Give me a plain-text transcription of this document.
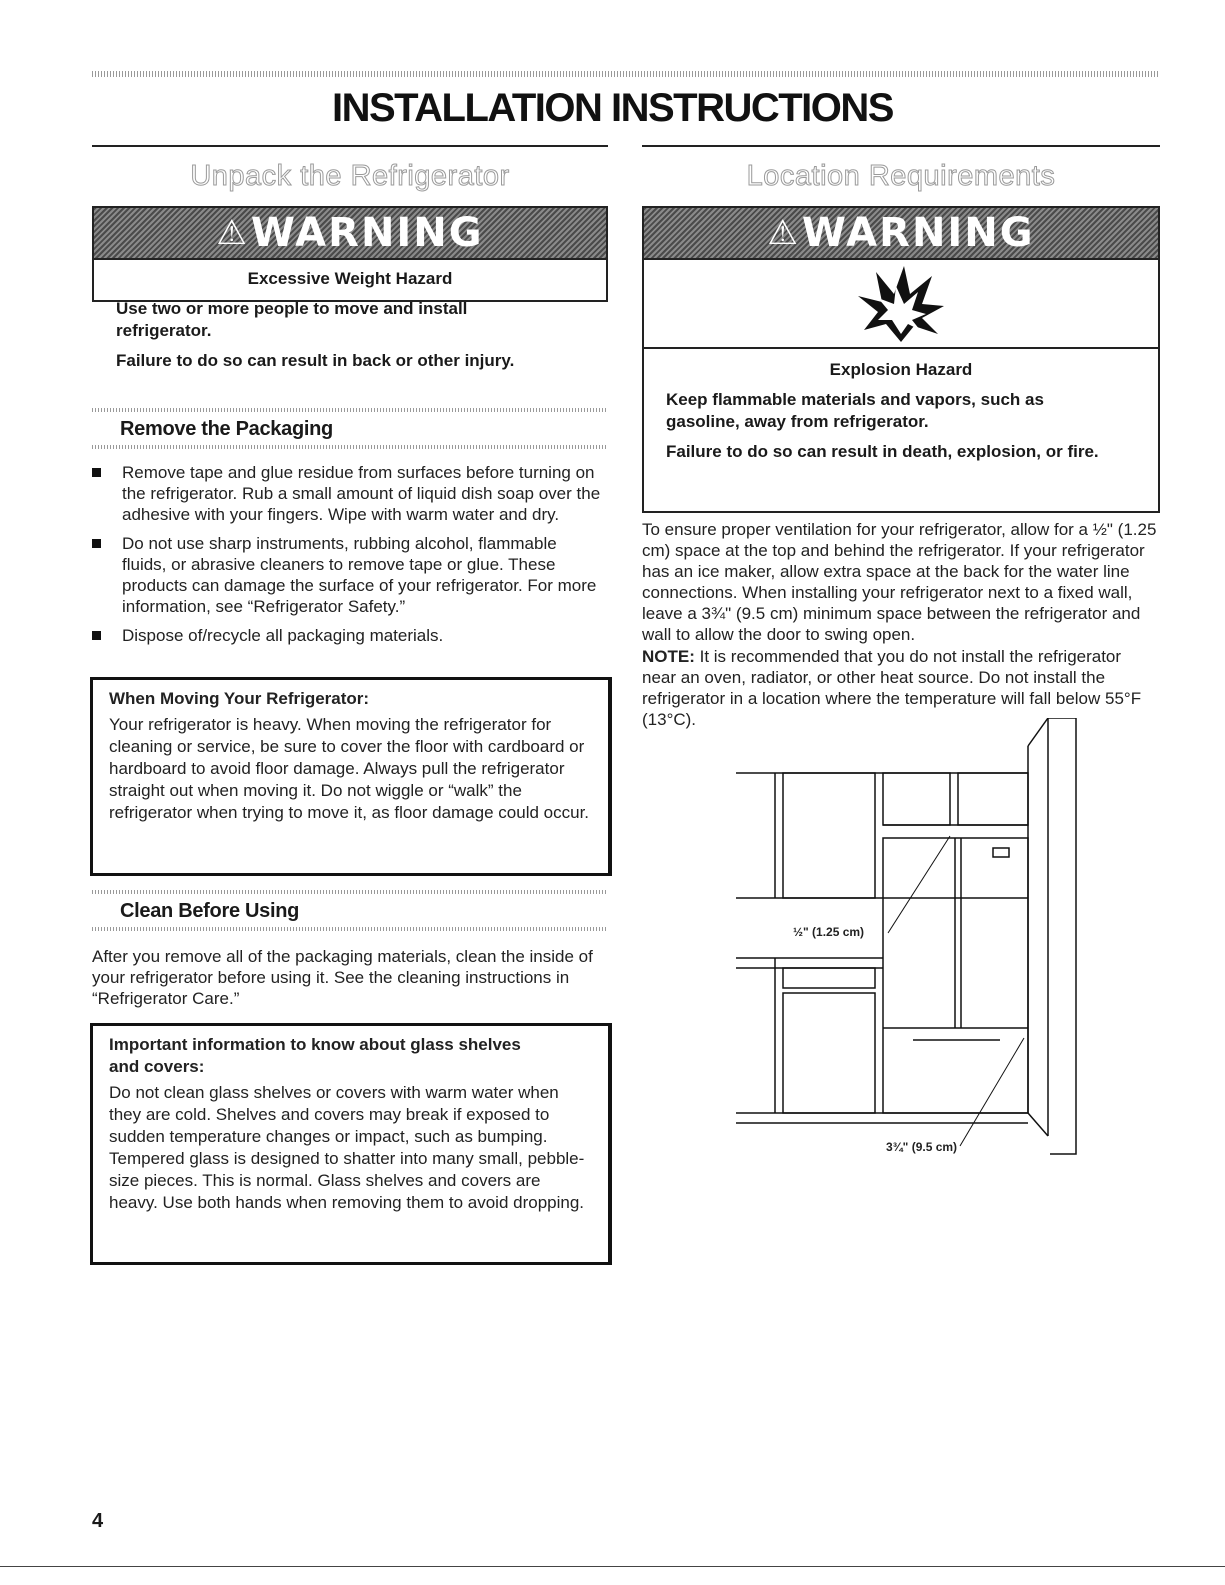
INSTALLATION INSTRUCTIONS
Unpack the Refrigerator
⚠ WARNING
Excessive Weight Hazard

Use two or more people to move and install refrigerator.

Failure to do so can result in back or other injury.

Remove the Packaging
Remove tape and glue residue from surfaces before turning on the refrigerator. Rub a small amount of liquid dish soap over the adhesive with your fingers. Wipe with warm water and dry.
Do not use sharp instruments, rubbing alcohol, flammable fluids, or abrasive cleaners to remove tape or glue. These products can damage the surface of your refrigerator. For more information, see “Refrigerator Safety.”
Dispose of/recycle all packaging materials.
When Moving Your Refrigerator:
Your refrigerator is heavy. When moving the refrigerator for cleaning or service, be sure to cover the floor with cardboard or hardboard to avoid floor damage. Always pull the refrigerator straight out when moving it. Do not wiggle or “walk” the refrigerator when trying to move it, as floor damage could occur.
Clean Before Using

After you remove all of the packaging materials, clean the inside of your refrigerator before using it. See the cleaning instructions in “Refrigerator Care.”

Important information to know about glass shelves and covers:
Do not clean glass shelves or covers with warm water when they are cold. Shelves and covers may break if exposed to sudden temperature changes or impact, such as bumping. Tempered glass is designed to shatter into many small, pebble-size pieces. This is normal. Glass shelves and covers are heavy. Use both hands when removing them to avoid dropping.
Location Requirements
⚠ WARNING
Explosion Hazard

Keep flammable materials and vapors, such as gasoline, away from refrigerator.

Failure to do so can result in death, explosion, or fire.

To ensure proper ventilation for your refrigerator, allow for a ½" (1.25 cm) space at the top and behind the refrigerator. If your refrigerator has an ice maker, allow extra space at the back for the water line connections. When installing your refrigerator next to a fixed wall, leave a 3¾" (9.5 cm) minimum space between the refrigerator and wall to allow the door to swing open.

NOTE: It is recommended that you do not install the refrigerator near an oven, radiator, or other heat source. Do not install the refrigerator in a location where the temperature will fall below 55°F (13°C).

½" (1.25 cm)
3¾" (9.5 cm)
4
